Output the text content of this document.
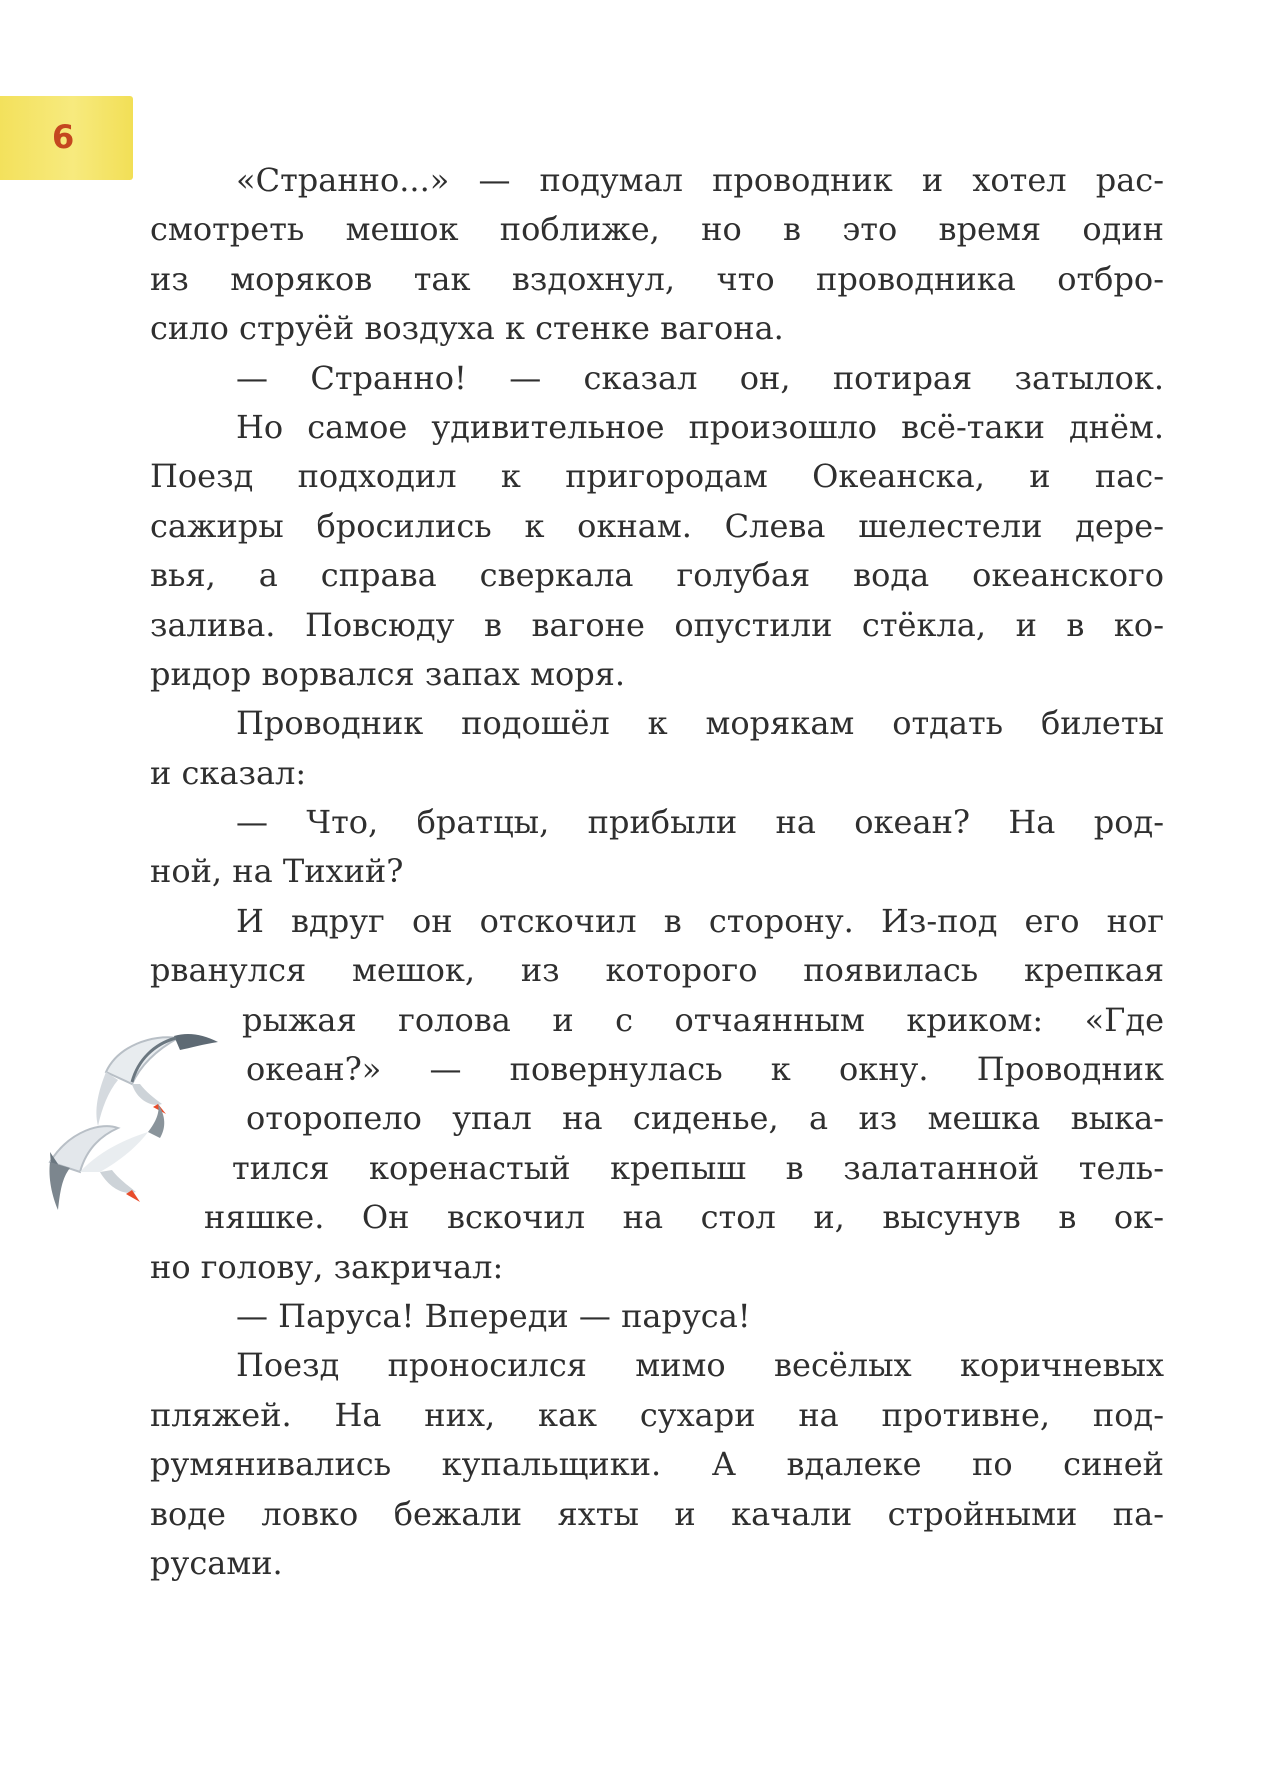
6
«Странно...» — подумал проводник и хотел рас-
смотреть мешок поближе, но в это время один
из моряков так вздохнул, что проводника отбро-
сило струёй воздуха к стенке вагона.
— Странно! — сказал он, потирая затылок.
Но самое удивительное произошло всё-таки днём.
Поезд подходил к пригородам Океанска, и пас-
сажиры бросились к окнам. Слева шелестели дере-
вья, а справа сверкала голубая вода океанского
залива. Повсюду в вагоне опустили стёкла, и в ко-
ридор ворвался запах моря.
Проводник подошёл к морякам отдать билеты
и сказал:
— Что, братцы, прибыли на океан? На род-
ной, на Тихий?
И вдруг он отскочил в сторону. Из-под его ног
рванулся мешок, из которого появилась крепкая
рыжая голова и с отчаянным криком: «Где
океан?» — повернулась к окну. Проводник
оторопело упал на сиденье, а из мешка выка-
тился коренастый крепыш в залатанной тель-
няшке. Он вскочил на стол и, высунув в ок-
но голову, закричал:
— Паруса! Впереди — паруса!
Поезд проносился мимо весёлых коричневых
пляжей. На них, как сухари на противне, под-
румянивались купальщики. А вдалеке по синей
воде ловко бежали яхты и качали стройными па-
русами.
